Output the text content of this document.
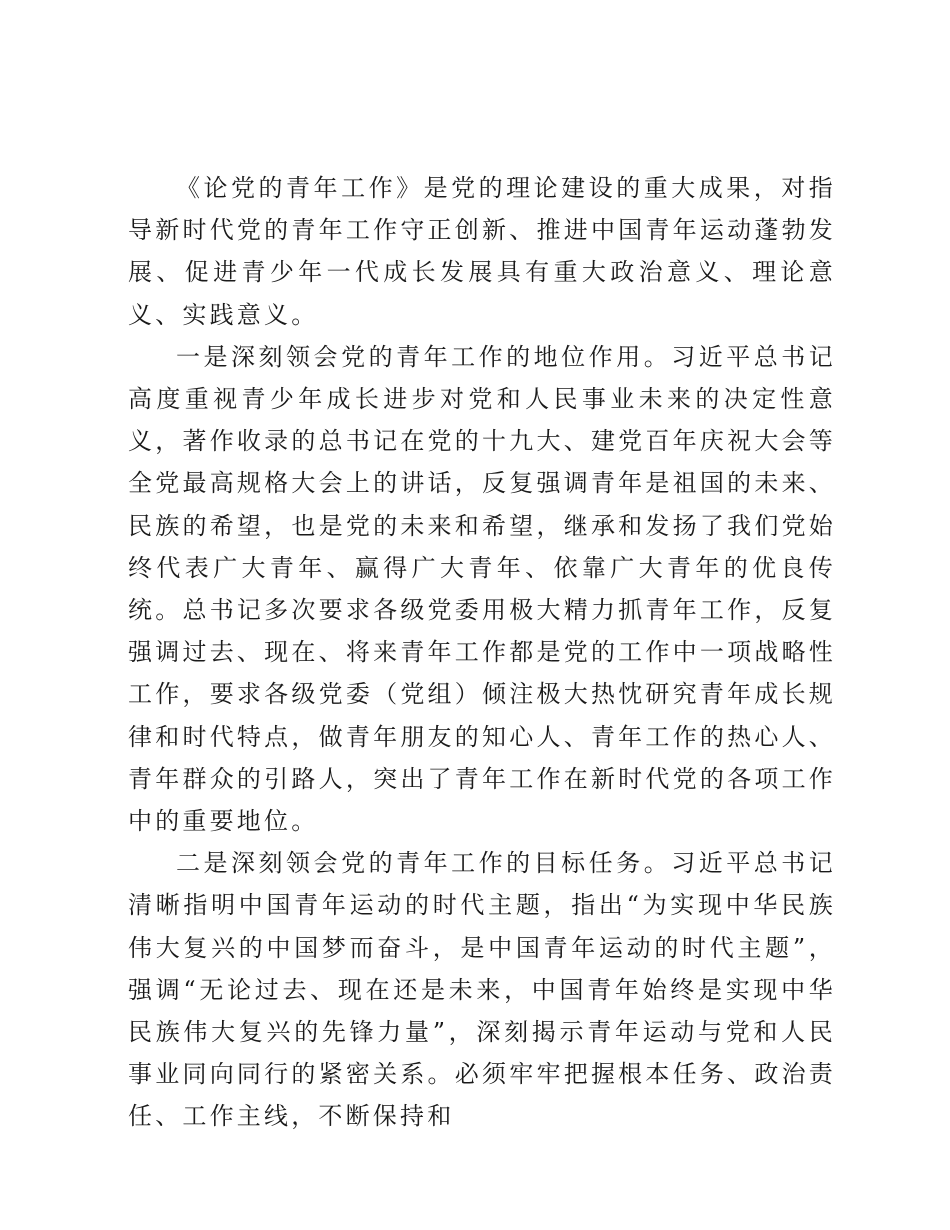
《论党的青年工作》是党的理论建设的重大成果，对指导新时代党的青年工作守正创新、推进中国青年运动蓬勃发展、促进青少年一代成长发展具有重大政治意义、理论意义、实践意义。

一是深刻领会党的青年工作的地位作用。习近平总书记高度重视青少年成长进步对党和人民事业未来的决定性意义，著作收录的总书记在党的十九大、建党百年庆祝大会等全党最高规格大会上的讲话，反复强调青年是祖国的未来、民族的希望，也是党的未来和希望，继承和发扬了我们党始终代表广大青年、赢得广大青年、依靠广大青年的优良传统。总书记多次要求各级党委用极大精力抓青年工作，反复强调过去、现在、将来青年工作都是党的工作中一项战略性工作，要求各级党委（党组）倾注极大热忱研究青年成长规律和时代特点，做青年朋友的知心人、青年工作的热心人、青年群众的引路人，突出了青年工作在新时代党的各项工作中的重要地位。

二是深刻领会党的青年工作的目标任务。习近平总书记清晰指明中国青年运动的时代主题，指出“为实现中华民族伟大复兴的中国梦而奋斗，是中国青年运动的时代主题”，强调“无论过去、现在还是未来，中国青年始终是实现中华民族伟大复兴的先锋力量”，深刻揭示青年运动与党和人民事业同向同行的紧密关系。必须牢牢把握根本任务、政治责任、工作主线，不断保持和
